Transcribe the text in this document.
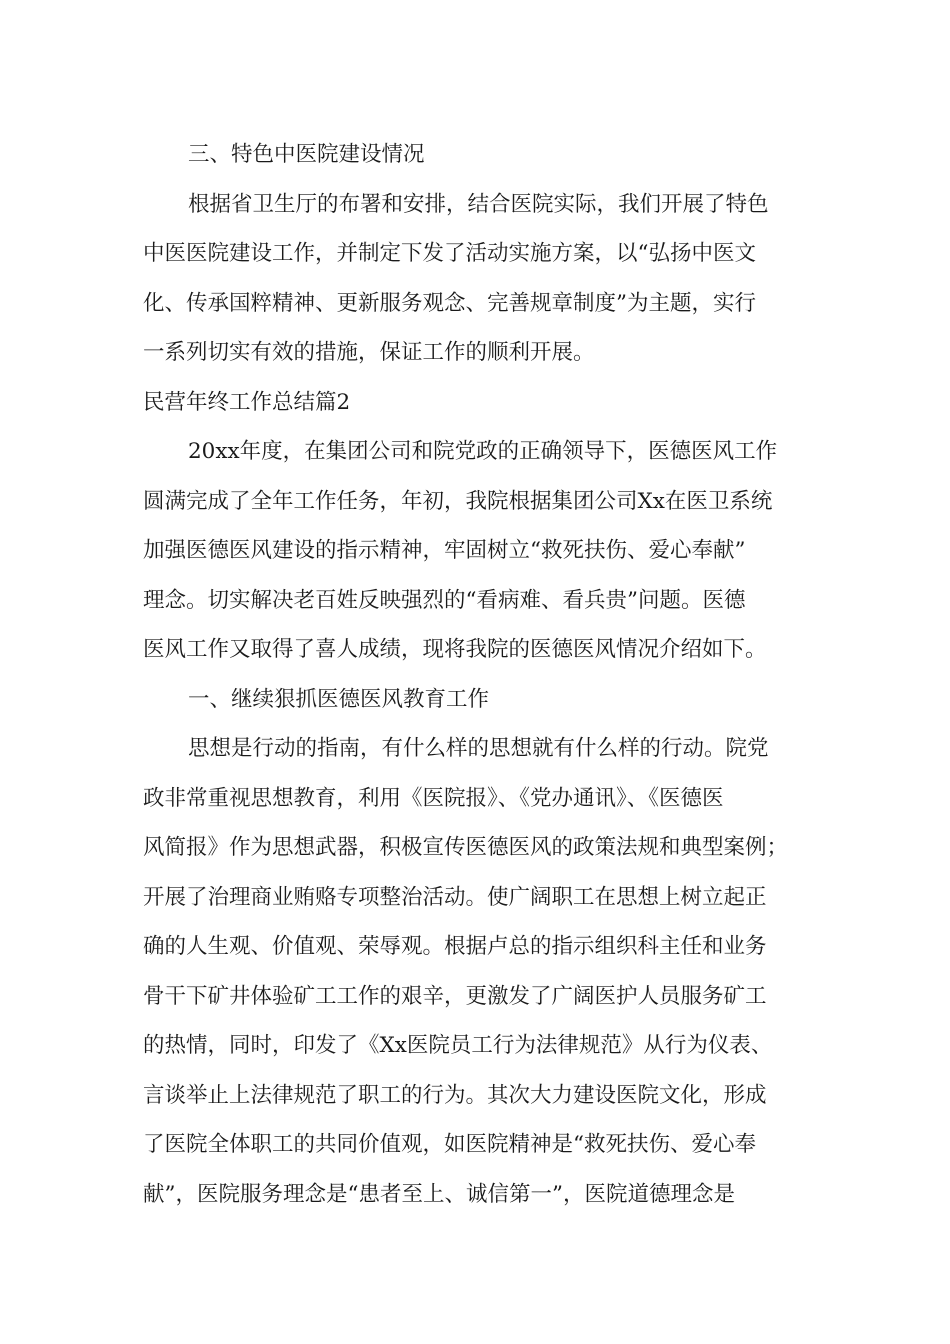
三、特色中医院建设情况
根据省卫生厅的布署和安排，结合医院实际，我们开展了特色
中医医院建设工作，并制定下发了活动实施方案，以“弘扬中医文
化、传承国粹精神、更新服务观念、完善规章制度”为主题，实行
一系列切实有效的措施，保证工作的顺利开展。
民营年终工作总结篇2
20xx年度，在集团公司和院党政的正确领导下，医德医风工作
圆满完成了全年工作任务，年初，我院根据集团公司Xx在医卫系统
加强医德医风建设的指示精神，牢固树立“救死扶伤、爱心奉献”
理念。切实解决老百姓反映强烈的“看病难、看兵贵”问题。医德
医风工作又取得了喜人成绩，现将我院的医德医风情况介绍如下。
一、继续狠抓医德医风教育工作
思想是行动的指南，有什么样的思想就有什么样的行动。院党
政非常重视思想教育，利用《医院报》、《党办通讯》、《医德医
风简报》作为思想武器，积极宣传医德医风的政策法规和典型案例；
开展了治理商业贿赂专项整治活动。使广阔职工在思想上树立起正
确的人生观、价值观、荣辱观。根据卢总的指示组织科主任和业务
骨干下矿井体验矿工工作的艰辛，更激发了广阔医护人员服务矿工
的热情，同时，印发了《Xx医院员工行为法律规范》从行为仪表、
言谈举止上法律规范了职工的行为。其次大力建设医院文化，形成
了医院全体职工的共同价值观，如医院精神是“救死扶伤、爱心奉
献”，医院服务理念是“患者至上、诚信第一”，医院道德理念是
